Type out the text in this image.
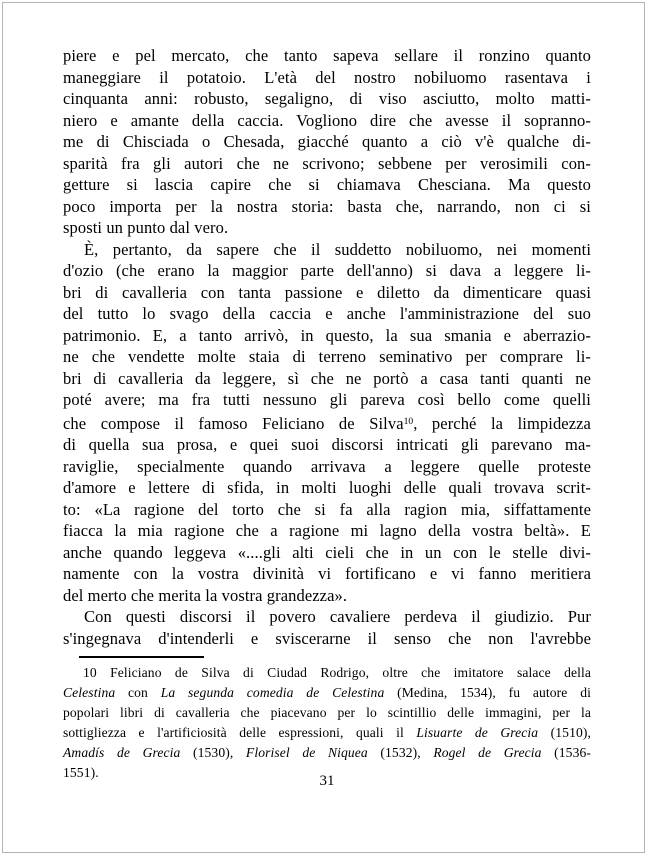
piere e pel mercato, che tanto sapeva sellare il ronzino quanto
maneggiare il potatoio. L'età del nostro nobiluomo rasentava i
cinquanta anni: robusto, segaligno, di viso asciutto, molto matti-
niero e amante della caccia. Vogliono dire che avesse il sopranno-
me di Chisciada o Chesada, giacché quanto a ciò v'è qualche di-
sparità fra gli autori che ne scrivono; sebbene per verosimili con-
getture si lascia capire che si chiamava Chesciana. Ma questo
poco importa per la nostra storia: basta che, narrando, non ci si
sposti un punto dal vero.
È, pertanto, da sapere che il suddetto nobiluomo, nei momenti
d'ozio (che erano la maggior parte dell'anno) si dava a leggere li-
bri di cavalleria con tanta passione e diletto da dimenticare quasi
del tutto lo svago della caccia e anche l'amministrazione del suo
patrimonio. E, a tanto arrivò, in questo, la sua smania e aberrazio-
ne che vendette molte staia di terreno seminativo per comprare li-
bri di cavalleria da leggere, sì che ne portò a casa tanti quanti ne
poté avere; ma fra tutti nessuno gli pareva così bello come quelli
che compose il famoso Feliciano de Silva$^{10}$, perché la limpidezza
di quella sua prosa, e quei suoi discorsi intricati gli parevano ma-
raviglie, specialmente quando arrivava a leggere quelle proteste
d'amore e lettere di sfida, in molti luoghi delle quali trovava scrit-
to: «La ragione del torto che si fa alla ragion mia, siffattamente
fiacca la mia ragione che a ragione mi lagno della vostra beltà». E
anche quando leggeva «....gli alti cieli che in un con le stelle divi-
namente con la vostra divinità vi fortificano e vi fanno meritiera
del merto che merita la vostra grandezza».
Con questi discorsi il povero cavaliere perdeva il giudizio. Pur
s'ingegnava d'intenderli e sviscerarne il senso che non l'avrebbe
10 Feliciano de Silva di Ciudad Rodrigo, oltre che imitatore salace della
Celestina con La segunda comedia de Celestina (Medina, 1534), fu autore di
popolari libri di cavalleria che piacevano per lo scintillio delle immagini, per la
sottigliezza e l'artificiosità delle espressioni, quali il Lisuarte de Grecia (1510),
Amadís de Grecia (1530), Florisel de Niquea (1532), Rogel de Grecia (1536-
1551).
31
